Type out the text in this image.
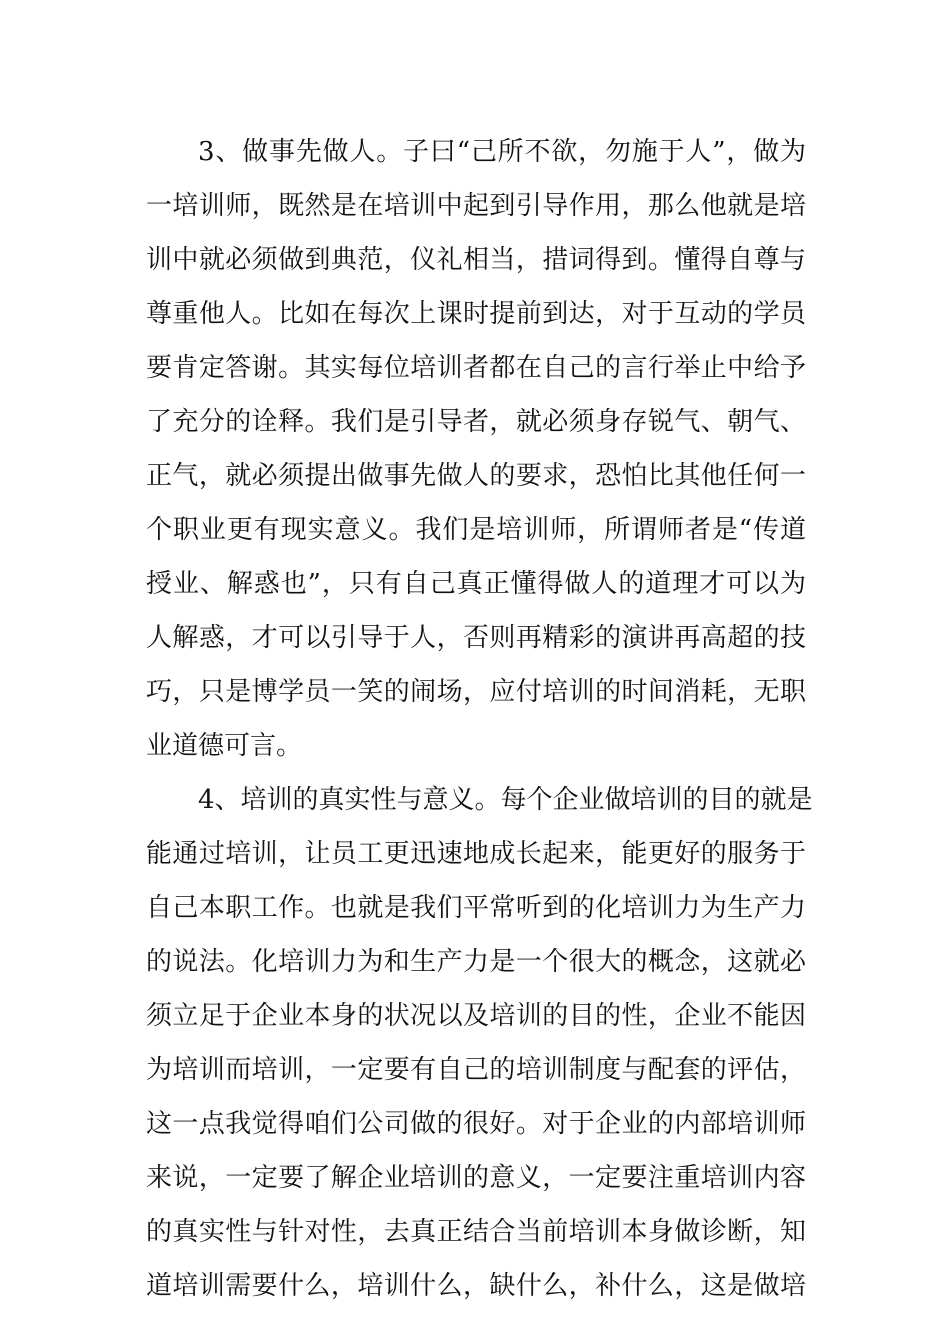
3、做事先做人。子曰“己所不欲，勿施于人”，做为
一培训师，既然是在培训中起到引导作用，那么他就是培
训中就必须做到典范，仪礼相当，措词得到。懂得自尊与
尊重他人。比如在每次上课时提前到达，对于互动的学员
要肯定答谢。其实每位培训者都在自己的言行举止中给予
了充分的诠释。我们是引导者，就必须身存锐气、朝气、
正气，就必须提出做事先做人的要求，恐怕比其他任何一
个职业更有现实意义。我们是培训师，所谓师者是“传道
授业、解惑也”，只有自己真正懂得做人的道理才可以为
人解惑，才可以引导于人，否则再精彩的演讲再高超的技
巧，只是博学员一笑的闹场，应付培训的时间消耗，无职
业道德可言。
4、培训的真实性与意义。每个企业做培训的目的就是
能通过培训，让员工更迅速地成长起来，能更好的服务于
自己本职工作。也就是我们平常听到的化培训力为生产力
的说法。化培训力为和生产力是一个很大的概念，这就必
须立足于企业本身的状况以及培训的目的性，企业不能因
为培训而培训，一定要有自己的培训制度与配套的评估，
这一点我觉得咱们公司做的很好。对于企业的内部培训师
来说，一定要了解企业培训的意义，一定要注重培训内容
的真实性与针对性，去真正结合当前培训本身做诊断，知
道培训需要什么，培训什么，缺什么，补什么，这是做培
